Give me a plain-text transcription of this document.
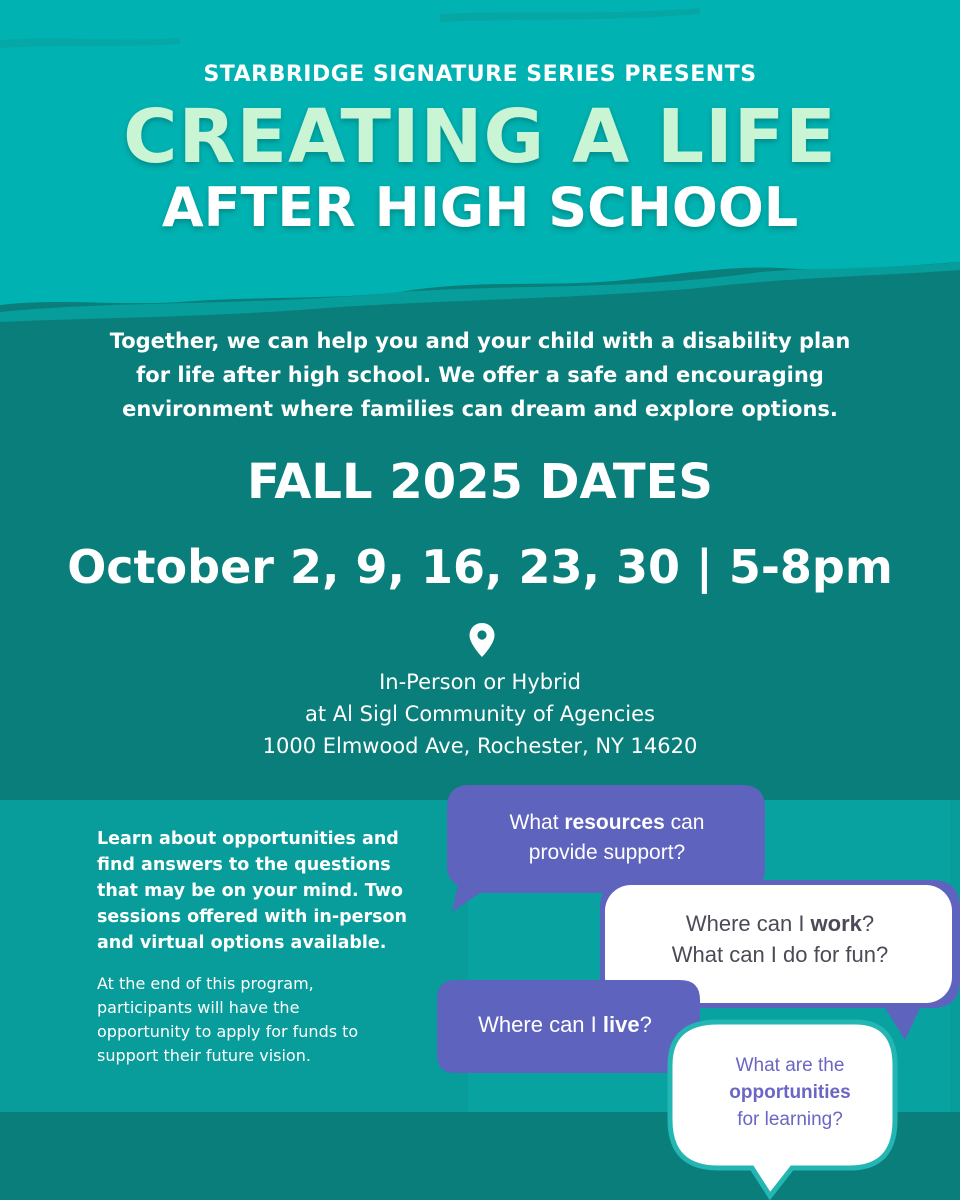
STARBRIDGE SIGNATURE SERIES PRESENTS
CREATING A LIFE
AFTER HIGH SCHOOL
Together, we can help you and your child with a disability plan
for life after high school. We offer a safe and encouraging
environment where families can dream and explore options.
FALL 2025 DATES
October 2, 9, 16, 23, 30 | 5-8pm
In-Person or Hybrid
at Al Sigl Community of Agencies
1000 Elmwood Ave, Rochester, NY 14620
Learn about opportunities and
find answers to the questions
that may be on your mind. Two
sessions offered with in-person
and virtual options available.
At the end of this program,
participants will have the
opportunity to apply for funds to
support their future vision.
What resources can
provide support?
Where can I work?
What can I do for fun?
Where can I live?
What are the
opportunities
for learning?
